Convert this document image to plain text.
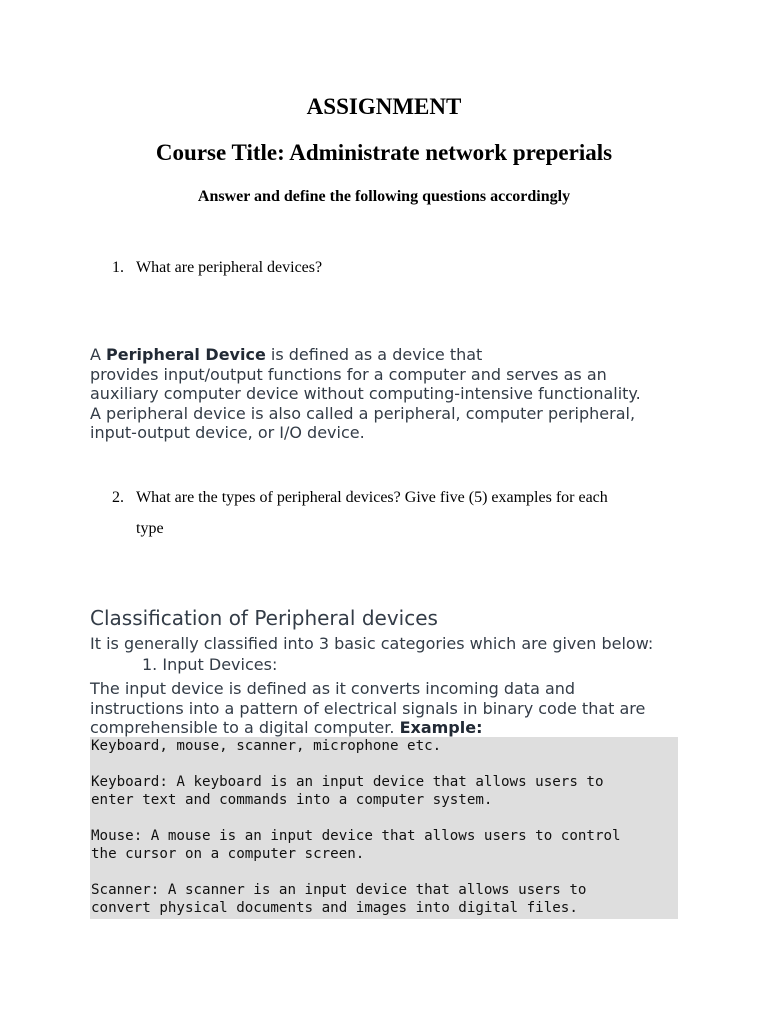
ASSIGNMENT
Course Title: Administrate network preperials
Answer and define the following questions accordingly
1. What are peripheral devices?
A Peripheral Device is defined as a device that
provides input/output functions for a computer and serves as an
auxiliary computer device without computing-intensive functionality.
A peripheral device is also called a peripheral, computer peripheral,
input-output device, or I/O device.
2. What are the types of peripheral devices? Give five (5) examples for each
type
Classification of Peripheral devices
It is generally classified into 3 basic categories which are given below:
1. Input Devices:
The input device is defined as it converts incoming data and
instructions into a pattern of electrical signals in binary code that are
comprehensible to a digital computer. Example:
Keyboard, mouse, scanner, microphone etc.

Keyboard: A keyboard is an input device that allows users to
enter text and commands into a computer system.

Mouse: A mouse is an input device that allows users to control
the cursor on a computer screen.

Scanner: A scanner is an input device that allows users to
convert physical documents and images into digital files.
